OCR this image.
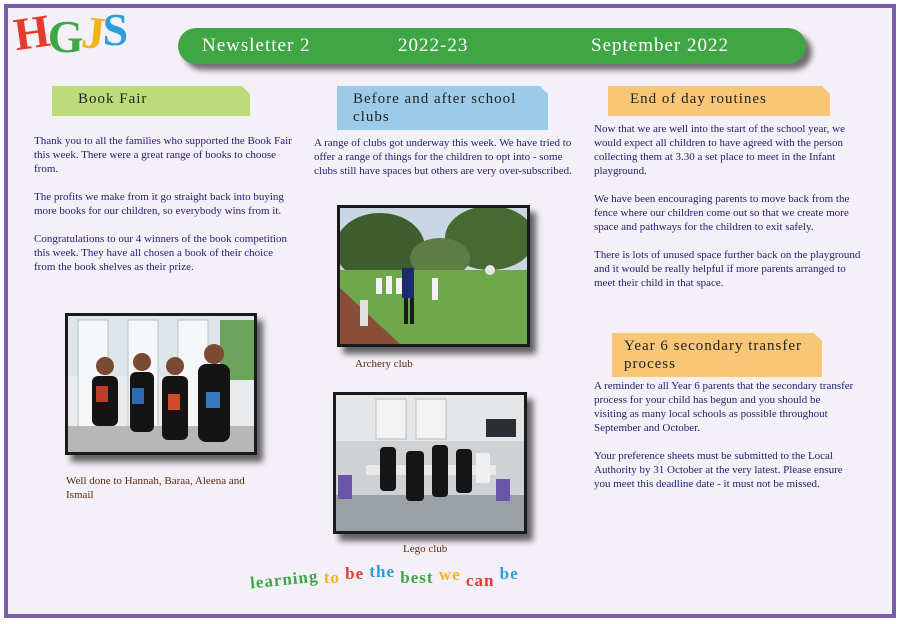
HGJS	Newsletter 2	2022-23	September 2022
Book Fair

Thank you to all the families who supported the Book Fair this week. There were a great range of books to choose from.

The profits we make from it go straight back into buying more books for our children, so everybody wins from it.

Congratulations to our 4 winners of the book competition this week. They have all chosen a book of their choice from the book shelves as their prize.

Well done to Hannah, Baraa, Aleena and Ismail
Before and after school clubs

A range of clubs got underway this week. We have tried to offer a range of things for the children to opt into - some clubs still have spaces but others are very over-subscribed.

Archery club
Lego club
End of day routines

Now that we are well into the start of the school year, we would expect all children to have agreed with the person collecting them at 3.30 a set place to meet in the Infant playground.

We have been encouraging parents to move back from the fence where our children come out so that we create more space and pathways for the children to exit safely.

There is lots of unused space further back on the playground and it would be really helpful if more parents arranged to meet their child in that space.

Year 6 secondary transfer process

A reminder to all Year 6 parents that the secondary transfer process for your child has begun and you should be visiting as many local schools as possible throughout September and October.

Your preference sheets must be submitted to the Local Authority by 31 October at the very latest. Please ensure you meet this deadline date - it must not be missed.

learning to be the best we can be
